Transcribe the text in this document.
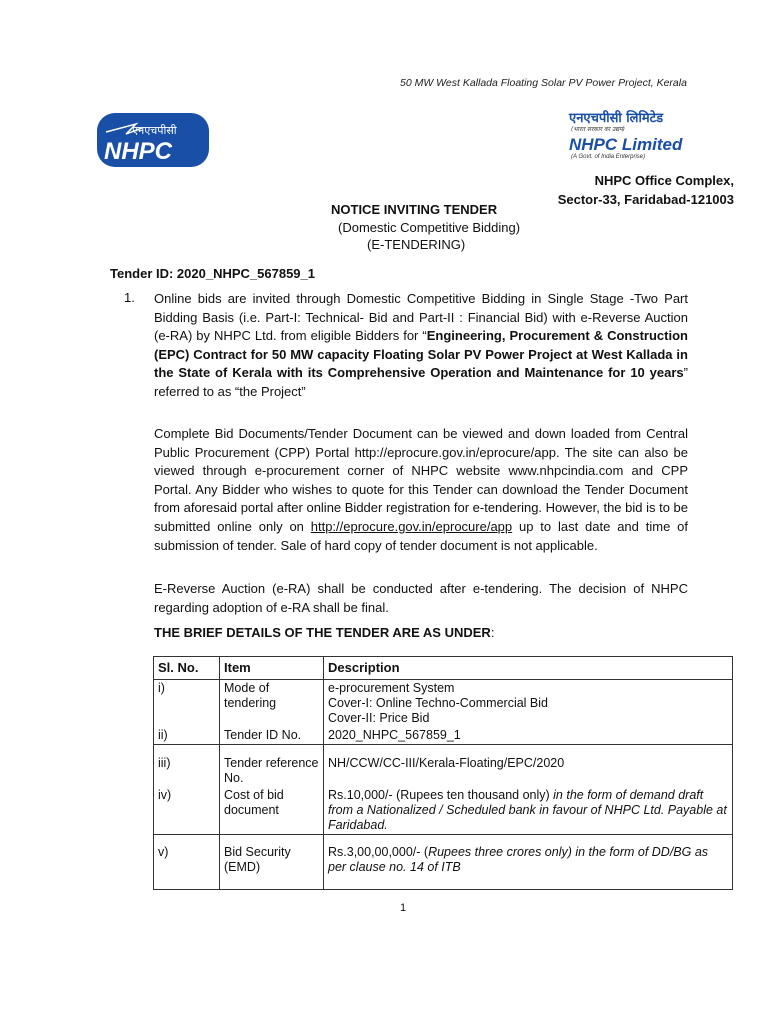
50 MW West Kallada Floating Solar PV Power Project, Kerala
एनएचपीसी
NHPC
एनएचपीसी लिमिटेड
(भारत सरकार का उद्यम)
NHPC Limited
(A Govt. of India Enterprise)
NHPC Office Complex,
Sector-33, Faridabad-121003
NOTICE INVITING TENDER
(Domestic Competitive Bidding)
(E-TENDERING)
Tender ID: 2020_NHPC_567859_1
1. Online bids are invited through Domestic Competitive Bidding in Single Stage -Two Part Bidding Basis (i.e. Part-I: Technical- Bid and Part-II : Financial Bid) with e-Reverse Auction (e-RA) by NHPC Ltd. from eligible Bidders for “Engineering, Procurement & Construction (EPC) Contract for 50 MW capacity Floating Solar PV Power Project at West Kallada in the State of Kerala with its Comprehensive Operation and Maintenance for 10 years” referred to as “the Project”
Complete Bid Documents/Tender Document can be viewed and down loaded from Central Public Procurement (CPP) Portal http://eprocure.gov.in/eprocure/app. The site can also be viewed through e-procurement corner of NHPC website www.nhpcindia.com and CPP Portal. Any Bidder who wishes to quote for this Tender can download the Tender Document from aforesaid portal after online Bidder registration for e-tendering. However, the bid is to be submitted online only on http://eprocure.gov.in/eprocure/app up to last date and time of submission of tender. Sale of hard copy of tender document is not applicable.
E-Reverse Auction (e-RA) shall be conducted after e-tendering. The decision of NHPC regarding adoption of e-RA shall be final.
THE BRIEF DETAILS OF THE TENDER ARE AS UNDER:
Sl. No.	Item	Description
i)	Mode of tendering	e-procurement System
Cover-I: Online Techno-Commercial Bid
Cover-II: Price Bid

ii)	Tender ID No.	2020_NHPC_567859_1
iii)	Tender reference No.	NH/CCW/CC-III/Kerala-Floating/EPC/2020
iv)	Cost of bid document	Rs.10,000/- (Rupees ten thousand only) in the form of demand draft from a Nationalized / Scheduled bank in favour of NHPC Ltd. Payable at Faridabad.
v)	Bid Security (EMD)	Rs.3,00,00,000/- (Rupees three crores only) in the form of DD/BG as per clause no. 14 of ITB
1
